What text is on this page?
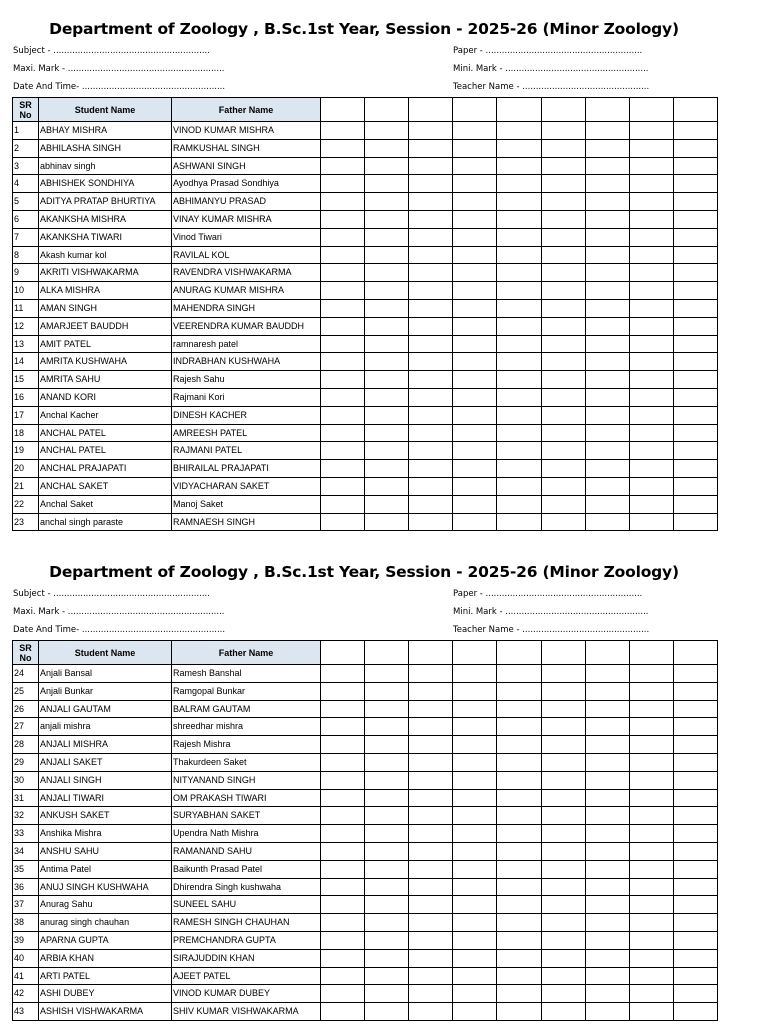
Department of Zoology , B.Sc.1st Year, Session - 2025-26 (Minor Zoology)
Subject - ..........................................................
Maxi. Mark - ..........................................................
Date And Time- .....................................................
Paper - ..........................................................
Mini. Mark - .....................................................
Teacher Name - ...............................................
SR
No	Student Name	Father Name									
1	ABHAY MISHRA	VINOD KUMAR MISHRA									
2	ABHILASHA SINGH	RAMKUSHAL SINGH									
3	abhinav singh	ASHWANI SINGH									
4	ABHISHEK SONDHIYA	Ayodhya Prasad Sondhiya									
5	ADITYA PRATAP BHURTIYA	ABHIMANYU PRASAD									
6	AKANKSHA MISHRA	VINAY KUMAR MISHRA									
7	AKANKSHA TIWARI	Vinod Tiwari									
8	Akash kumar kol	RAVILAL KOL									
9	AKRITI VISHWAKARMA	RAVENDRA VISHWAKARMA									
10	ALKA MISHRA	ANURAG KUMAR MISHRA									
11	AMAN SINGH	MAHENDRA SINGH									
12	AMARJEET BAUDDH	VEERENDRA KUMAR BAUDDH									
13	AMIT PATEL	ramnaresh patel									
14	AMRITA KUSHWAHA	INDRABHAN KUSHWAHA									
15	AMRITA SAHU	Rajesh Sahu									
16	ANAND KORI	Rajmani Kori									
17	Anchal Kacher	DINESH KACHER									
18	ANCHAL PATEL	AMREESH PATEL									
19	ANCHAL PATEL	RAJMANI PATEL									
20	ANCHAL PRAJAPATI	BHIRAILAL PRAJAPATI									
21	ANCHAL SAKET	VIDYACHARAN SAKET									
22	Anchal Saket	Manoj Saket									
23	anchal singh paraste	RAMNAESH SINGH									
Department of Zoology , B.Sc.1st Year, Session - 2025-26 (Minor Zoology)
Subject - ..........................................................
Maxi. Mark - ..........................................................
Date And Time- .....................................................
Paper - ..........................................................
Mini. Mark - .....................................................
Teacher Name - ...............................................
SR
No	Student Name	Father Name									
24	Anjali Bansal	Ramesh Banshal									
25	Anjali Bunkar	Ramgopal Bunkar									
26	ANJALI GAUTAM	BALRAM GAUTAM									
27	anjali mishra	shreedhar mishra									
28	ANJALI MISHRA	Rajesh Mishra									
29	ANJALI SAKET	Thakurdeen Saket									
30	ANJALI SINGH	NITYANAND SINGH									
31	ANJALI TIWARI	OM PRAKASH TIWARI									
32	ANKUSH SAKET	SURYABHAN SAKET									
33	Anshika Mishra	Upendra Nath Mishra									
34	ANSHU SAHU	RAMANAND SAHU									
35	Antima Patel	Baikunth Prasad Patel									
36	ANUJ SINGH KUSHWAHA	Dhirendra Singh kushwaha									
37	Anurag Sahu	SUNEEL SAHU									
38	anurag singh chauhan	RAMESH SINGH CHAUHAN									
39	APARNA GUPTA	PREMCHANDRA GUPTA									
40	ARBIA KHAN	SIRAJUDDIN KHAN									
41	ARTI PATEL	AJEET PATEL									
42	ASHI DUBEY	VINOD KUMAR DUBEY									
43	ASHISH VISHWAKARMA	SHIV KUMAR VISHWAKARMA									
